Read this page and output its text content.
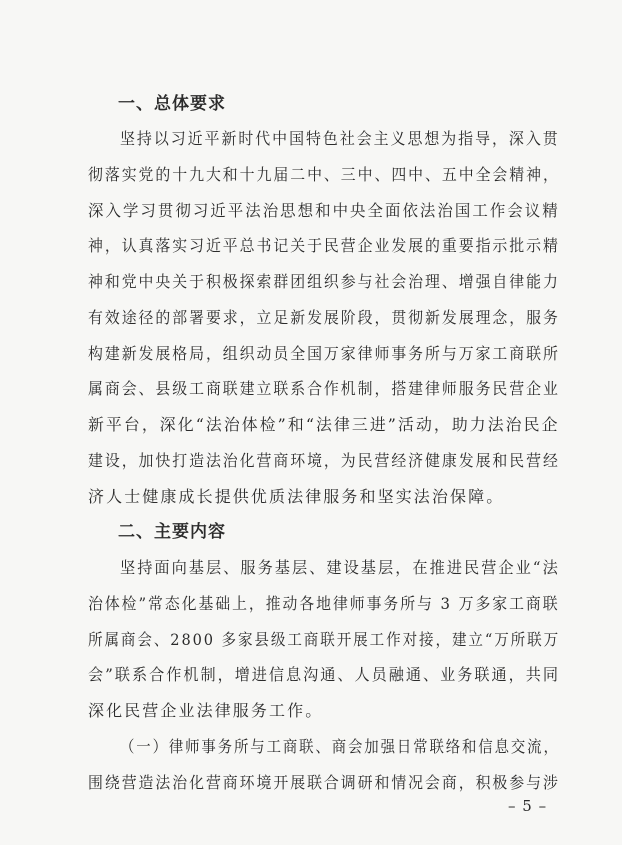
一、总体要求
坚持以习近平新时代中国特色社会主义思想为指导，深入贯
彻落实党的十九大和十九届二中、三中、四中、五中全会精神，
深入学习贯彻习近平法治思想和中央全面依法治国工作会议精
神，认真落实习近平总书记关于民营企业发展的重要指示批示精
神和党中央关于积极探索群团组织参与社会治理、增强自律能力
有效途径的部署要求，立足新发展阶段，贯彻新发展理念，服务
构建新发展格局，组织动员全国万家律师事务所与万家工商联所
属商会、县级工商联建立联系合作机制，搭建律师服务民营企业
新平台，深化“法治体检”和“法律三进”活动，助力法治民企
建设，加快打造法治化营商环境，为民营经济健康发展和民营经
济人士健康成长提供优质法律服务和坚实法治保障。
二、主要内容
坚持面向基层、服务基层、建设基层，在推进民营企业“法
治体检”常态化基础上，推动各地律师事务所与 3 万多家工商联
所属商会、2800 多家县级工商联开展工作对接，建立“万所联万
会”联系合作机制，增进信息沟通、人员融通、业务联通，共同
深化民营企业法律服务工作。
（一）律师事务所与工商联、商会加强日常联络和信息交流，
围绕营造法治化营商环境开展联合调研和情况会商，积极参与涉
– 5 –
